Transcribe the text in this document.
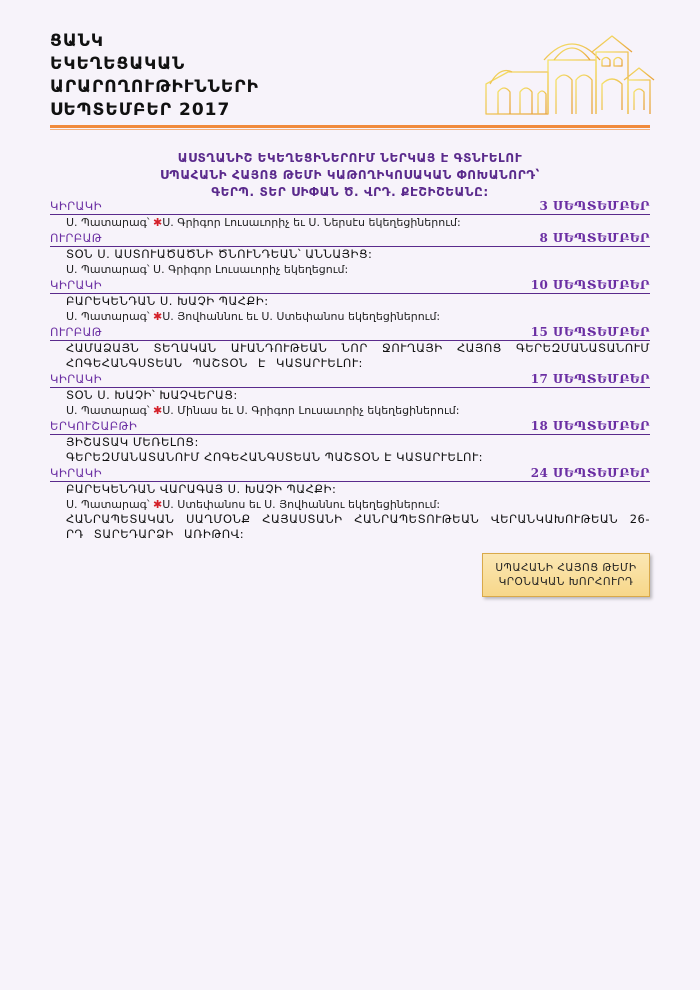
ՑԱՆԿ
ԵԿԵՂԵՑԱԿԱՆ
ԱՐԱՐՈՂՈՒԹԻՒՆՆԵՐԻ
ՍԵՊՏԵՄԲԵՐ 2017
ԱՍՏՂԱՆԻՇ ԵԿԵՂԵՑԻՆԵՐՈՒՄ ՆԵՐԿԱՅ Է ԳՏՆՒԵԼՈՒ
ՍՊԱՀԱՆԻ ՀԱՅՈՑ ԹԵՄԻ ԿԱԹՈՂԻԿՈՍԱԿԱՆ ՓՈԽԱՆՈՐԴ՝
ԳԵՐՊ. ՏԵՐ ՍԻՓԱՆ Ծ. ՎՐԴ. ՔԷՇԻՇԵԱՆԸ:
ԿԻՐԱԿԻ	3 ՍԵՊՏԵՄԲԵՐ
Ս. Պատարագ՝ ✱Ս. Գրիգոր Լուսաւորիչ եւ Ս. Ներսէս եկեղեցիներում:
ՈՒՐԲԱԹ	8 ՍԵՊՏԵՄԲԵՐ
ՏՕՆ Ս. ԱՍՏՈՒԱԾԱԾՆԻ ԾՆՈՒՆԴԵԱՆ՝ ԱՆՆԱՅԻՑ:
Ս. Պատարագ՝ Ս. Գրիգոր Լուսաւորիչ եկեղեցում:
ԿԻՐԱԿԻ	10 ՍԵՊՏԵՄԲԵՐ
ԲԱՐԵԿԵՆԴԱՆ Ս. ԽԱՉԻ ՊԱՀՔԻ:
Ս. Պատարագ՝ ✱Ս. Յովհաննու եւ Ս. Ստեփանոս եկեղեցիներում:
ՈՒՐԲԱԹ	15 ՍԵՊՏԵՄԲԵՐ
ՀԱՄԱՁԱՅՆ ՏԵՂԱԿԱՆ ԱՒԱՆԴՈՒԹԵԱՆ ՆՈՐ ՋՈՒՂԱՅԻ ՀԱՅՈՑ ԳԵՐԵԶՄԱՆԱՏԱՆՈՒՄ ՀՈԳԵՀԱՆԳՍՏԵԱՆ ՊԱՇՏՕՆ Է ԿԱՏԱՐՒԵԼՈՒ:
ԿԻՐԱԿԻ	17 ՍԵՊՏԵՄԲԵՐ
ՏՕՆ Ս. ԽԱՉԻ՝ ԽԱՉՎԵՐԱՑ:
Ս. Պատարագ՝ ✱Ս. Մինաս եւ Ս. Գրիգոր Լուսաւորիչ եկեղեցիներում:
ԵՐԿՈՒՇԱԲԹԻ	18 ՍԵՊՏԵՄԲԵՐ
ՅԻՇԱՏԱԿ ՄԵՌԵԼՈՑ:
ԳԵՐԵԶՄԱՆԱՏԱՆՈՒՄ ՀՈԳԵՀԱՆԳՍՏԵԱՆ ՊԱՇՏՕՆ Է ԿԱՏԱՐՒԵԼՈՒ:
ԿԻՐԱԿԻ	24 ՍԵՊՏԵՄԲԵՐ
ԲԱՐԵԿԵՆԴԱՆ ՎԱՐԱԳԱՅ Ս. ԽԱՉԻ ՊԱՀՔԻ:
Ս. Պատարագ՝ ✱Ս. Ստեփանոս եւ Ս. Յովհաննու եկեղեցիներում:
ՀԱՆՐԱՊԵՏԱԿԱՆ ՍԱՂՄՕՆՔ ՀԱՅԱՍՏԱՆԻ ՀԱՆՐԱՊԵՏՈՒԹԵԱՆ ՎԵՐԱՆԿԱԽՈՒԹԵԱՆ 26-ՐԴ ՏԱՐԵԴԱՐՁԻ ԱՌԻԹՈՎ:
ՍՊԱՀԱՆԻ ՀԱՅՈՑ ԹԵՄԻ
ԿՐՕՆԱԿԱՆ ԽՈՐՀՈՒՐԴ
